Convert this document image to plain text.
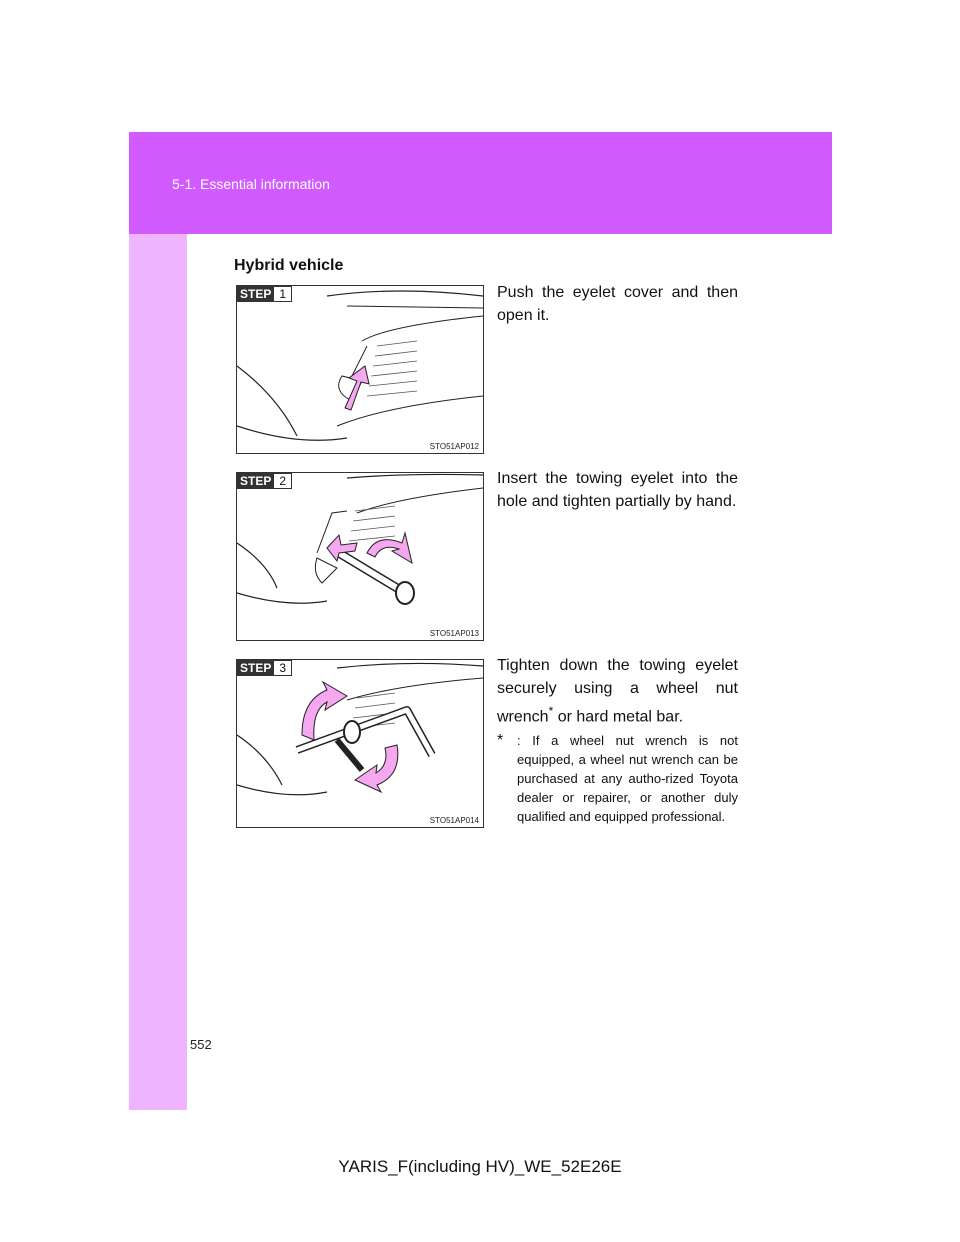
5-1. Essential information
Hybrid vehicle
STEP 1
STO51AP012
Push the eyelet cover and then open it.
STEP 2
STO51AP013
Insert the towing eyelet into the hole and tighten partially by hand.
STEP 3
STO51AP014
Tighten down the towing eyelet securely using a wheel nut wrench* or hard metal bar.
*	: If a wheel nut wrench is not equipped, a wheel nut wrench can be purchased at any autho-rized Toyota dealer or repairer, or another duly qualified and equipped professional.
552
YARIS_F(including HV)_WE_52E26E
